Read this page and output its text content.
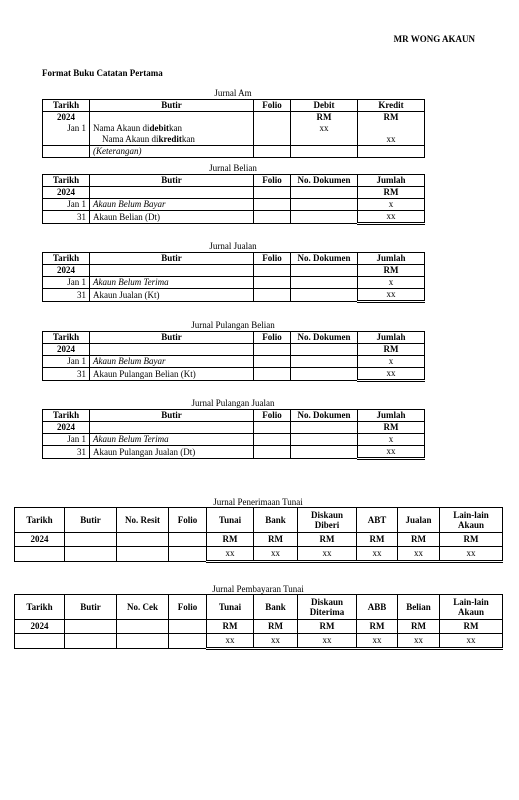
MR WONG AKAUN
Format Buku Catatan Pertama
Jurnal Am
Tarikh	Butir	Folio	Debit	Kredit
2024			RM	RM
Jan 1	Nama Akaun didebitkan		xx	
	Nama Akaun dikreditkan			xx
	(Keterangan)			
Jurnal Belian
Tarikh	Butir	Folio	No. Dokumen	Jumlah
2024				RM
Jan 1	Akaun Belum Bayar			x
31	Akaun Belian (Dt)			xx
Jurnal Jualan
Tarikh	Butir	Folio	No. Dokumen	Jumlah
2024				RM
Jan 1	Akaun Belum Terima			x
31	Akaun Jualan (Kt)			xx
Jurnal Pulangan Belian
Tarikh	Butir	Folio	No. Dokumen	Jumlah
2024				RM
Jan 1	Akaun Belum Bayar			x
31	Akaun Pulangan Belian (Kt)			xx
Jurnal Pulangan Jualan
Tarikh	Butir	Folio	No. Dokumen	Jumlah
2024				RM
Jan 1	Akaun Belum Terima			x
31	Akaun Pulangan Jualan (Dt)			xx
Jurnal Penerimaan Tunai
Tarikh	Butir	No. Resit	Folio	Tunai	Bank	Diskaun Diberi	ABT	Jualan	Lain-lain Akaun
2024				RM	RM	RM	RM	RM	RM
				xx	xx	xx	xx	xx	xx
Jurnal Pembayaran Tunai
Tarikh	Butir	No. Cek	Folio	Tunai	Bank	Diskaun Diterima	ABB	Belian	Lain-lain Akaun
2024				RM	RM	RM	RM	RM	RM
				xx	xx	xx	xx	xx	xx
